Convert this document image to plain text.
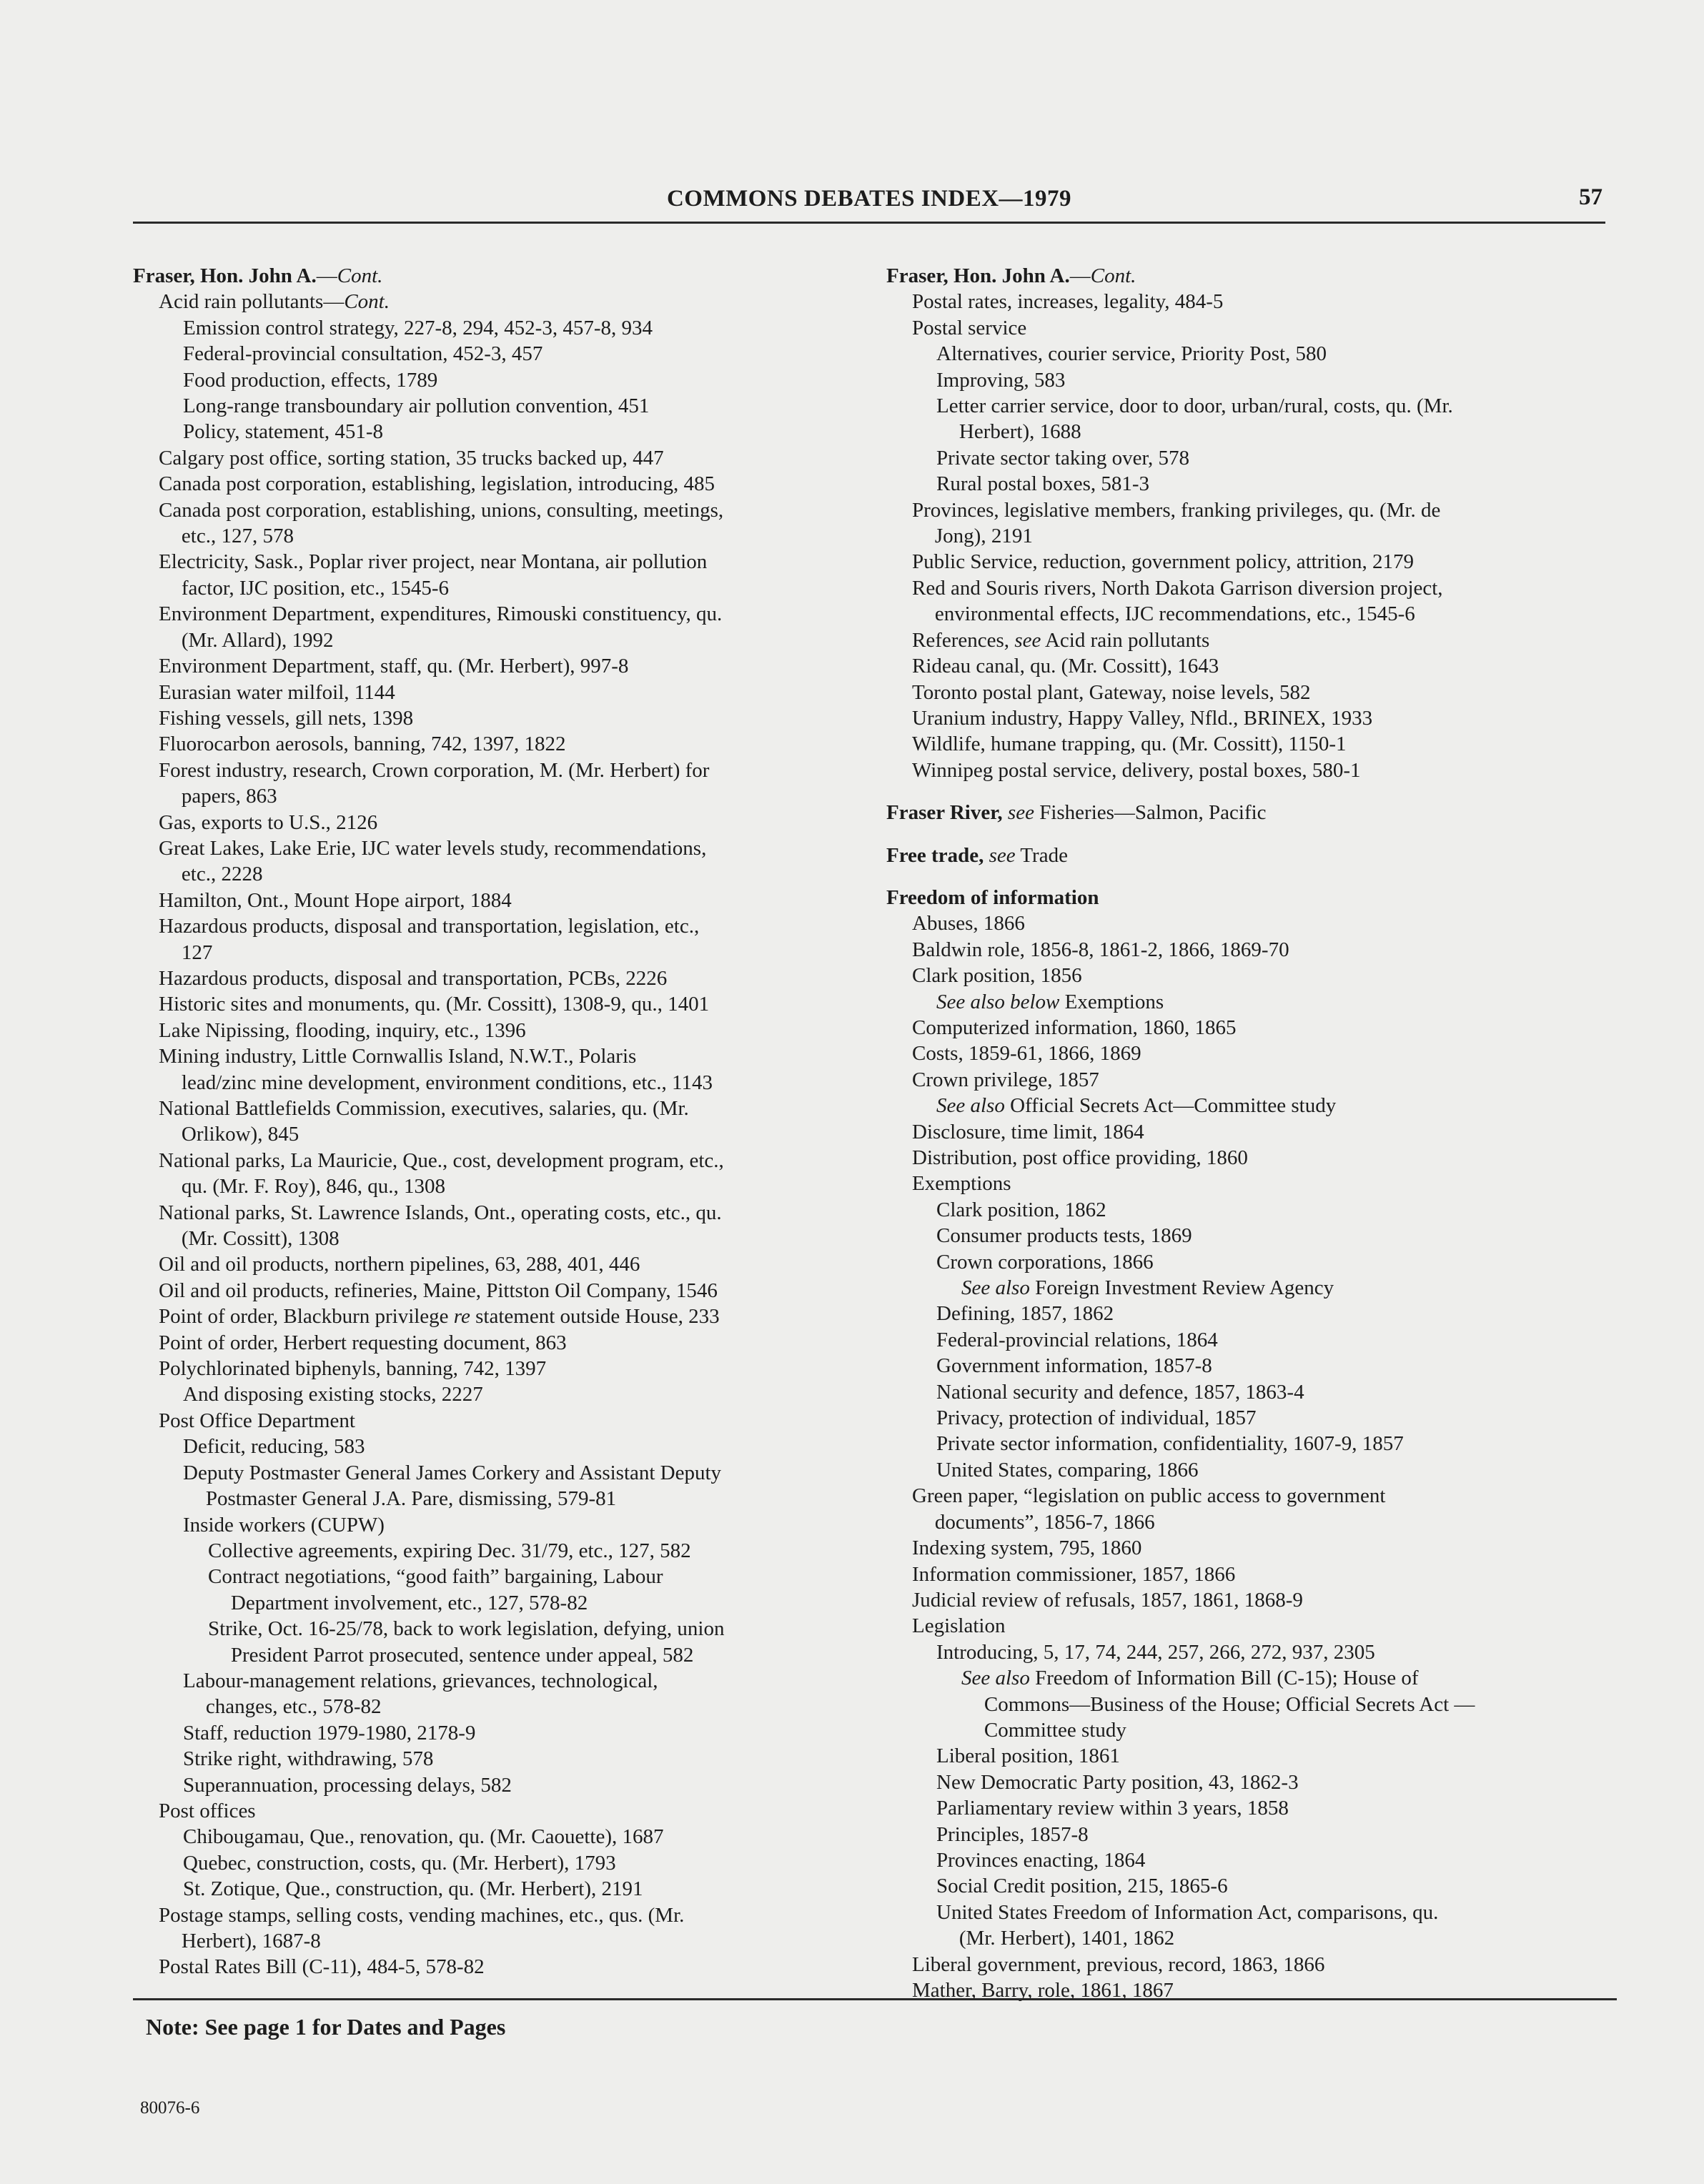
COMMONS DEBATES INDEX—1979	57
Fraser, Hon. John A.—Cont.
Acid rain pollutants—Cont.
Emission control strategy, 227-8, 294, 452-3, 457-8, 934
Federal-provincial consultation, 452-3, 457
Food production, effects, 1789
Long-range transboundary air pollution convention, 451
Policy, statement, 451-8
Calgary post office, sorting station, 35 trucks backed up, 447
Canada post corporation, establishing, legislation, introducing, 485
Canada post corporation, establishing, unions, consulting, meetings,
etc., 127, 578
Electricity, Sask., Poplar river project, near Montana, air pollution
factor, IJC position, etc., 1545-6
Environment Department, expenditures, Rimouski constituency, qu.
(Mr. Allard), 1992
Environment Department, staff, qu. (Mr. Herbert), 997-8
Eurasian water milfoil, 1144
Fishing vessels, gill nets, 1398
Fluorocarbon aerosols, banning, 742, 1397, 1822
Forest industry, research, Crown corporation, M. (Mr. Herbert) for
papers, 863
Gas, exports to U.S., 2126
Great Lakes, Lake Erie, IJC water levels study, recommendations,
etc., 2228
Hamilton, Ont., Mount Hope airport, 1884
Hazardous products, disposal and transportation, legislation, etc.,
127
Hazardous products, disposal and transportation, PCBs, 2226
Historic sites and monuments, qu. (Mr. Cossitt), 1308-9, qu., 1401
Lake Nipissing, flooding, inquiry, etc., 1396
Mining industry, Little Cornwallis Island, N.W.T., Polaris
lead/zinc mine development, environment conditions, etc., 1143
National Battlefields Commission, executives, salaries, qu. (Mr.
Orlikow), 845
National parks, La Mauricie, Que., cost, development program, etc.,
qu. (Mr. F. Roy), 846, qu., 1308
National parks, St. Lawrence Islands, Ont., operating costs, etc., qu.
(Mr. Cossitt), 1308
Oil and oil products, northern pipelines, 63, 288, 401, 446
Oil and oil products, refineries, Maine, Pittston Oil Company, 1546
Point of order, Blackburn privilege re statement outside House, 233
Point of order, Herbert requesting document, 863
Polychlorinated biphenyls, banning, 742, 1397
And disposing existing stocks, 2227
Post Office Department
Deficit, reducing, 583
Deputy Postmaster General James Corkery and Assistant Deputy
Postmaster General J.A. Pare, dismissing, 579-81
Inside workers (CUPW)
Collective agreements, expiring Dec. 31/79, etc., 127, 582
Contract negotiations, “good faith” bargaining, Labour
Department involvement, etc., 127, 578-82
Strike, Oct. 16-25/78, back to work legislation, defying, union
President Parrot prosecuted, sentence under appeal, 582
Labour-management relations, grievances, technological,
changes, etc., 578-82
Staff, reduction 1979-1980, 2178-9
Strike right, withdrawing, 578
Superannuation, processing delays, 582
Post offices
Chibougamau, Que., renovation, qu. (Mr. Caouette), 1687
Quebec, construction, costs, qu. (Mr. Herbert), 1793
St. Zotique, Que., construction, qu. (Mr. Herbert), 2191
Postage stamps, selling costs, vending machines, etc., qus. (Mr.
Herbert), 1687-8
Postal Rates Bill (C-11), 484-5, 578-82
Fraser, Hon. John A.—Cont.
Postal rates, increases, legality, 484-5
Postal service
Alternatives, courier service, Priority Post, 580
Improving, 583
Letter carrier service, door to door, urban/rural, costs, qu. (Mr.
Herbert), 1688
Private sector taking over, 578
Rural postal boxes, 581-3
Provinces, legislative members, franking privileges, qu. (Mr. de
Jong), 2191
Public Service, reduction, government policy, attrition, 2179
Red and Souris rivers, North Dakota Garrison diversion project,
environmental effects, IJC recommendations, etc., 1545-6
References, see Acid rain pollutants
Rideau canal, qu. (Mr. Cossitt), 1643
Toronto postal plant, Gateway, noise levels, 582
Uranium industry, Happy Valley, Nfld., BRINEX, 1933
Wildlife, humane trapping, qu. (Mr. Cossitt), 1150-1
Winnipeg postal service, delivery, postal boxes, 580-1
Fraser River, see Fisheries—Salmon, Pacific
Free trade, see Trade
Freedom of information
Abuses, 1866
Baldwin role, 1856-8, 1861-2, 1866, 1869-70
Clark position, 1856
See also below Exemptions
Computerized information, 1860, 1865
Costs, 1859-61, 1866, 1869
Crown privilege, 1857
See also Official Secrets Act—Committee study
Disclosure, time limit, 1864
Distribution, post office providing, 1860
Exemptions
Clark position, 1862
Consumer products tests, 1869
Crown corporations, 1866
See also Foreign Investment Review Agency
Defining, 1857, 1862
Federal-provincial relations, 1864
Government information, 1857-8
National security and defence, 1857, 1863-4
Privacy, protection of individual, 1857
Private sector information, confidentiality, 1607-9, 1857
United States, comparing, 1866
Green paper, “legislation on public access to government
documents”, 1856-7, 1866
Indexing system, 795, 1860
Information commissioner, 1857, 1866
Judicial review of refusals, 1857, 1861, 1868-9
Legislation
Introducing, 5, 17, 74, 244, 257, 266, 272, 937, 2305
See also Freedom of Information Bill (C-15); House of
Commons—Business of the House; Official Secrets Act —
Committee study
Liberal position, 1861
New Democratic Party position, 43, 1862-3
Parliamentary review within 3 years, 1858
Principles, 1857-8
Provinces enacting, 1864
Social Credit position, 215, 1865-6
United States Freedom of Information Act, comparisons, qu.
(Mr. Herbert), 1401, 1862
Liberal government, previous, record, 1863, 1866
Mather, Barry, role, 1861, 1867
Note: See page 1 for Dates and Pages
80076-6
